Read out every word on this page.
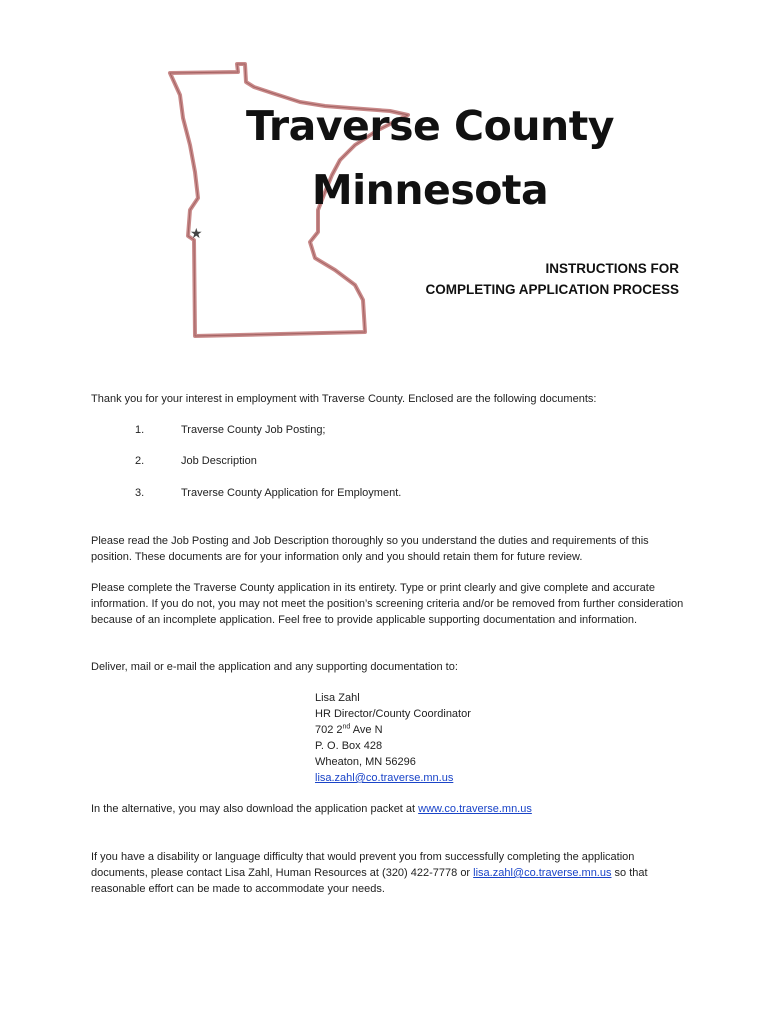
★
Traverse County
Minnesota
INSTRUCTIONS FOR
COMPLETING APPLICATION PROCESS
Thank you for your interest in employment with Traverse County. Enclosed are the following documents:
1.	Traverse County Job Posting;
2.	Job Description
3.	Traverse County Application for Employment.
Please read the Job Posting and Job Description thoroughly so you understand the duties and requirements of this position. These documents are for your information only and you should retain them for future review.
Please complete the Traverse County application in its entirety. Type or print clearly and give complete and accurate information. If you do not, you may not meet the position’s screening criteria and/or be removed from further consideration because of an incomplete application. Feel free to provide applicable supporting documentation and information.
Deliver, mail or e-mail the application and any supporting documentation to:
Lisa Zahl
HR Director/County Coordinator
702 2nd Ave N
P. O. Box 428
Wheaton, MN 56296
lisa.zahl@co.traverse.mn.us
In the alternative, you may also download the application packet at www.co.traverse.mn.us
If you have a disability or language difficulty that would prevent you from successfully completing the application documents, please contact Lisa Zahl, Human Resources at (320) 422-7778 or lisa.zahl@co.traverse.mn.us so that reasonable effort can be made to accommodate your needs.
